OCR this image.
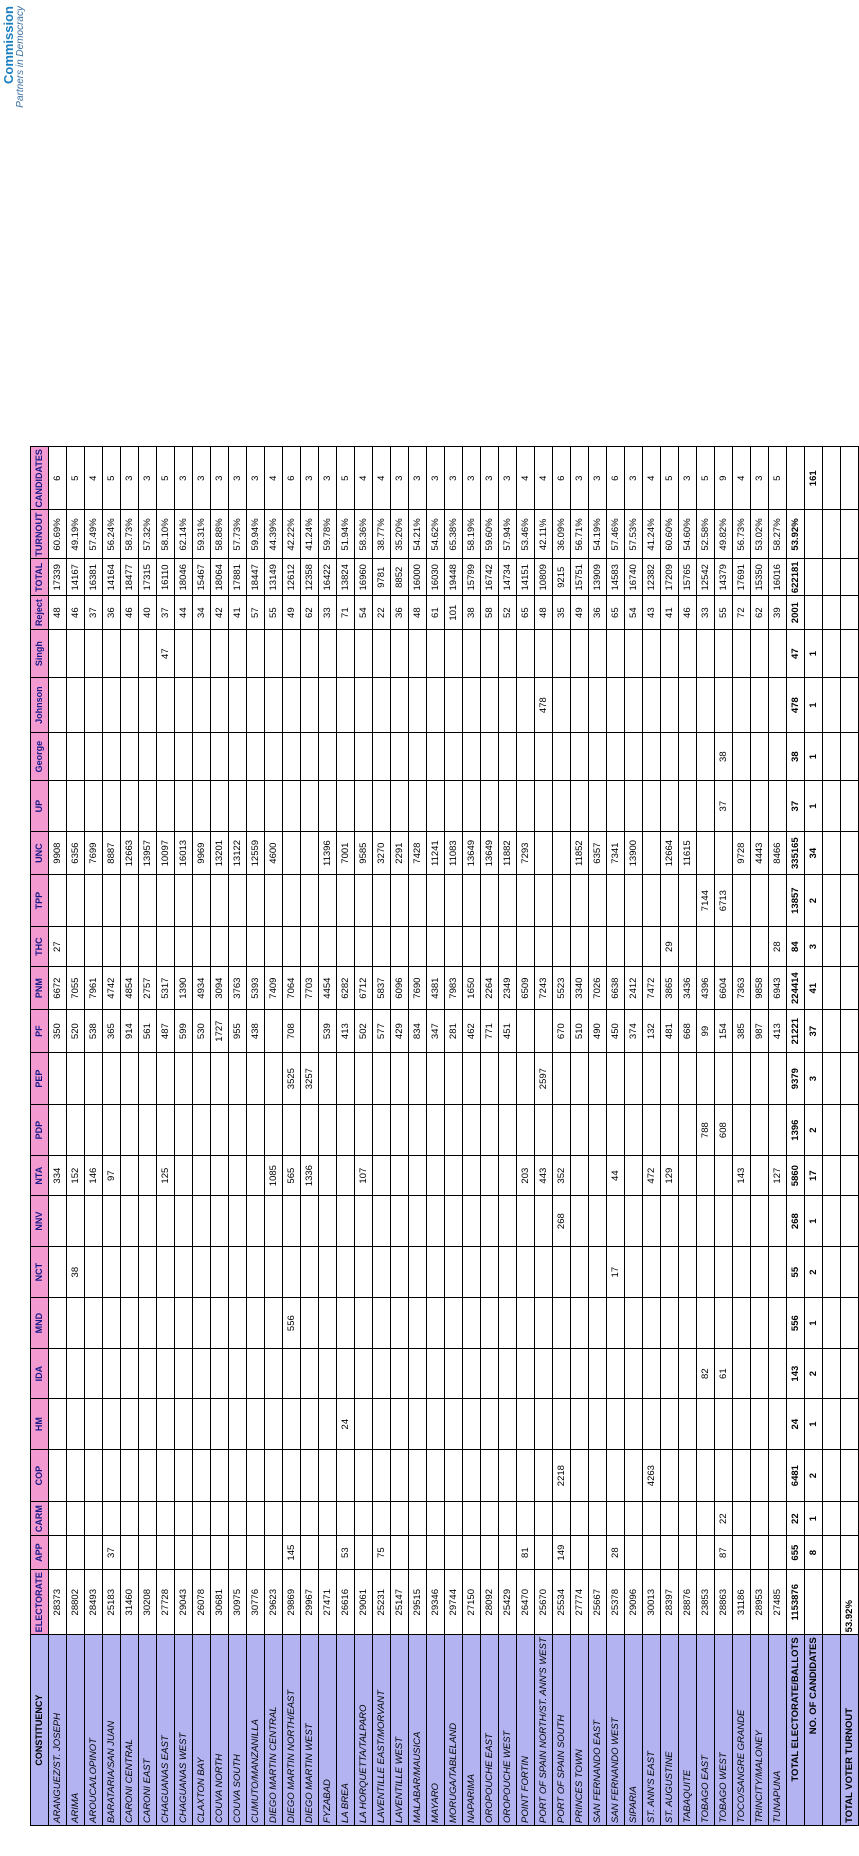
Commission Partners in Democracy
CONSTITUENCY	ELECTORATE	APP	CARM	COP	HM	IDA	MND	NCT	NNV	NTA	PDP	PEP	PF	PNM	THC	TPP	UNC	UP	George	Johnson	Singh	Reject	TOTAL	TURNOUT	CANDIDATES
ARANGUEZ/ST. JOSEPH	28373									334			350	6672	27		9908					48	17339	60.69%	6
ARIMA	28802							38		152			520	7055			6356					46	14167	49.19%	5
AROUCA/LOPINOT	28493									146			538	7961			7699					37	16381	57.49%	4
BARATARIA/SAN JUAN	25183	37								97			365	4742			8887					36	14164	56.24%	5
CARONI CENTRAL	31460												914	4854			12663					46	18477	58.73%	3
CARONI EAST	30208												561	2757			13957					40	17315	57.32%	3
CHAGUANAS EAST	27728									125			487	5317			10097				47	37	16110	58.10%	5
CHAGUANAS WEST	29043												599	1390			16013					44	18046	62.14%	3
CLAXTON BAY	26078												530	4934			9969					34	15467	59.31%	3
COUVA NORTH	30681												1727	3094			13201					42	18064	58.88%	3
COUVA SOUTH	30975												955	3763			13122					41	17881	57.73%	3
CUMUTO/MANZANILLA	30776												438	5393			12559					57	18447	59.94%	3
DIEGO MARTIN CENTRAL	29623									1085				7409			4600					55	13149	44.39%	4
DIEGO MARTIN NORTH/EAST	29869	145					556			565		3525	708	7064								49	12612	42.22%	6
DIEGO MARTIN WEST	29967									1336		3257		7703								62	12358	41.24%	3
FYZABAD	27471												539	4454			11396					33	16422	59.78%	3
LA BREA	26616	53			24								413	6282			7001					71	13824	51.94%	5
LA HORQUETTA/TALPARO	29061									107			502	6712			9585					54	16960	58.36%	4
LAVENTILLE EAST/MORVANT	25231	75											577	5837			3270					22	9781	38.77%	4
LAVENTILLE WEST	25147												429	6096			2291					36	8852	35.20%	3
MALABAR/MAUSICA	29515												834	7690			7428					48	16000	54.21%	3
MAYARO	29346												347	4381			11241					61	16030	54.62%	3
MORUGA/TABLELAND	29744												281	7983			11083					101	19448	65.38%	3
NAPARIMA	27150												462	1650			13649					38	15799	58.19%	3
OROPOUCHE EAST	28092												771	2264			13649					58	16742	59.60%	3
OROPOUCHE WEST	25429												451	2349			11882					52	14734	57.94%	3
POINT FORTIN	26470	81								203				6509			7293					65	14151	53.46%	4
PORT OF SPAIN NORTH/ST. ANN'S WEST	25670									443		2597		7243						478		48	10809	42.11%	4
PORT OF SPAIN SOUTH	25534	149		2218					268	352			670	5523								35	9215	36.09%	6
PRINCES TOWN	27774												510	3340			11852					49	15751	56.71%	3
SAN FERNANDO EAST	25667												490	7026			6357					36	13909	54.19%	3
SAN FERNANDO WEST	25378	28						17		44			450	6638			7341					65	14583	57.46%	6
SIPARIA	29096												374	2412			13900					54	16740	57.53%	3
ST. ANN'S EAST	30013			4263						472			132	7472								43	12382	41.24%	4
ST. AUGUSTINE	28397									129			481	3865	29		12664					41	17209	60.60%	5
TABAQUITE	28876												668	3436			11615					46	15765	54.60%	3
TOBAGO EAST	23853					82					788		99	4396		7144						33	12542	52.58%	5
TOBAGO WEST	28863	87	22			61					608		154	6604		6713		37	38			55	14379	49.82%	9
TOCO/SANGRE GRANDE	31186									143			385	7363			9728					72	17691	56.73%	4
TRINCITY/MALONEY	28953												987	9858			4443					62	15350	53.02%	3
TUNAPUNA	27485									127			413	6943	28		8466					39	16016	58.27%	5
TOTAL ELECTORATE/BALLOTS	1153876	655	22	6481	24	143	556	55	268	5860	1396	9379	21221	224414	84	13857	335165	37	38	478	47	2001	622181	53.92%	
NO. OF CANDIDATES		8	1	2	1	2	1	2	1	17	2	3	37	41	3	2	34	1	1	1	1				161

TOTAL VOTER TURNOUT	53.92%																								
